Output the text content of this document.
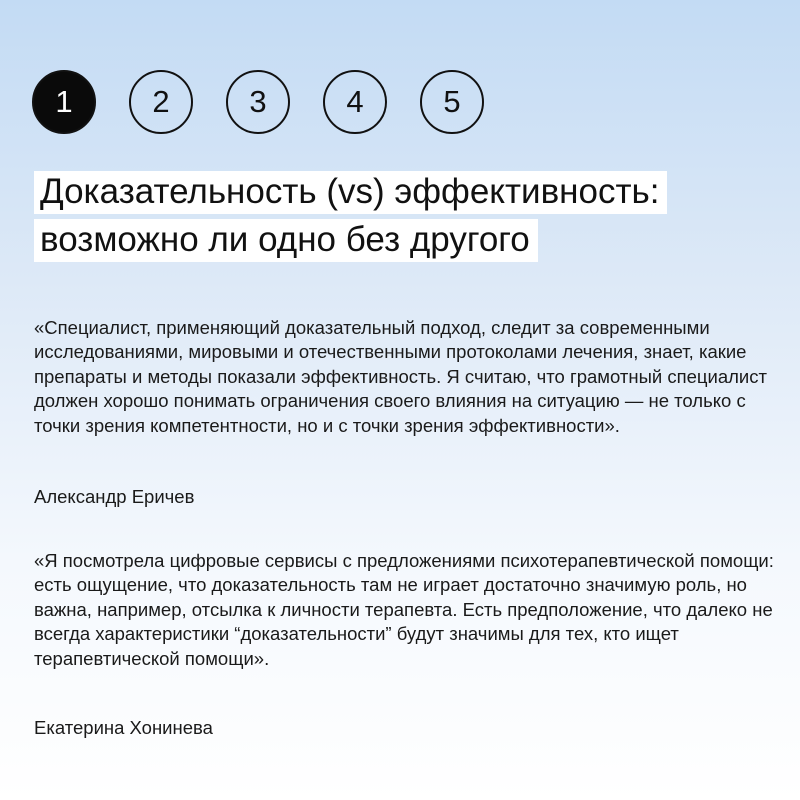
1	2	3	4	5
Доказательность (vs) эффективность:
возможно ли одно без другого

«Специалист, применяющий доказательный подход, следит за современными исследованиями, мировыми и отечественными протоколами лечения, знает, какие препараты и методы показали эффективность. Я считаю, что грамотный специалист должен хорошо понимать ограничения своего влияния на ситуацию — не только с точки зрения компетентности, но и с точки зрения эффективности».

Александр Еричев

«Я посмотрела цифровые сервисы с предложениями психотерапевтической помощи: есть ощущение, что доказательность там не играет достаточно значимую роль, но важна, например, отсылка к личности терапевта. Есть предположение, что далеко не всегда характеристики “доказательности” будут значимы для тех, кто ищет терапевтической помощи».

Екатерина Хонинева
